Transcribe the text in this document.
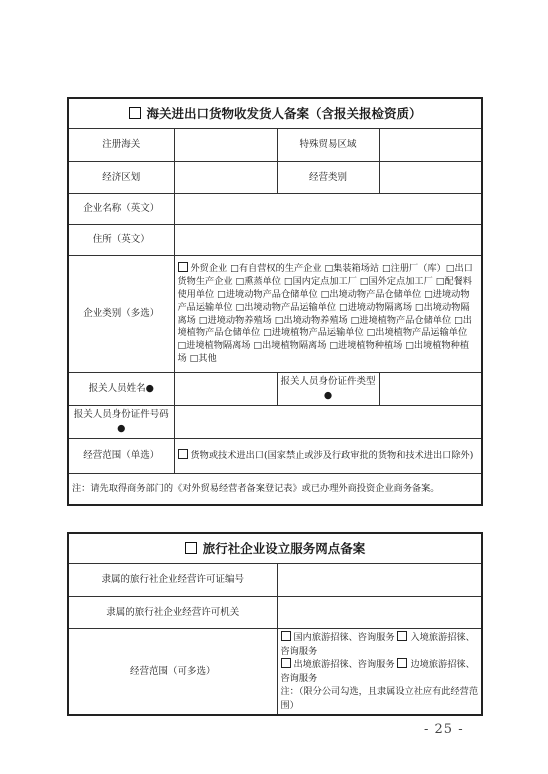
海关进出口货物收发货人备案（含报关报检资质）			
注册海关		特殊贸易区域	
经济区划		经营类别	
企业名称（英文）			
住所（英文）			
企业类别（多选）	外贸企业 □有自营权的生产企业 □集装箱场站 □注册厂（库）□出口货物生产企业 □熏蒸单位 □国内定点加工厂 □国外定点加工厂 □配餐料使用单位 □进境动物产品仓储单位 □出境动物产品仓储单位 □进境动物产品运输单位 □出境动物产品运输单位 □进境动物隔离场 □出境动物隔离场 □进境动物养殖场 □出境动物养殖场 □进境植物产品仓储单位 □出境植物产品仓储单位 □进境植物产品运输单位 □出境植物产品运输单位 □进境植物隔离场 □出境植物隔离场 □进境植物种植场 □出境植物种植场 □其他		
报关人员姓名●		报关人员身份证件类型●	
报关人员身份证件号码●			
经营范围（单选）	货物或技术进出口(国家禁止或涉及行政审批的货物和技术进出口除外)		
注：请先取得商务部门的《对外贸易经营者备案登记表》或已办理外商投资企业商务备案。			
旅行社企业设立服务网点备案	
隶属的旅行社企业经营许可证编号	
隶属的旅行社企业经营许可机关	
经营范围（可多选）	国内旅游招徕、咨询服务 入境旅游招徕、咨询服务
出境旅游招徕、咨询服务 边境旅游招徕、咨询服务
注：（限分公司勾选，且隶属设立社应有此经营范围）
- 25 -
